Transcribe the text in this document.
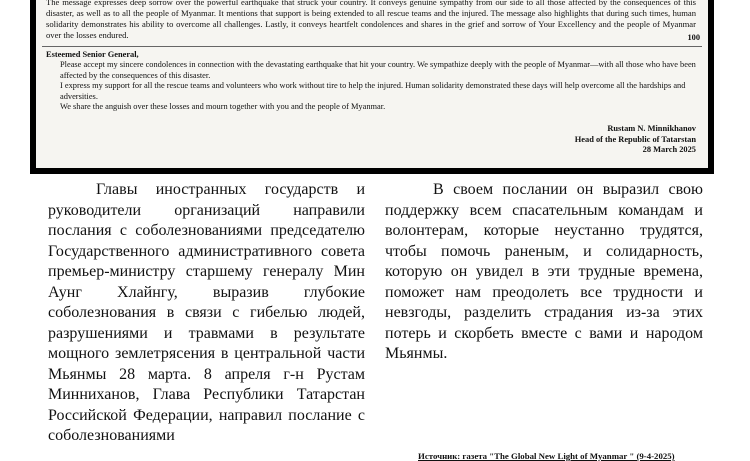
The message expresses deep sorrow over the powerful earthquake that struck your country. It conveys genuine sympathy from our side to all those affected by the consequences of this disaster, as well as to all the people of Myanmar. It mentions that support is being extended to all rescue teams and the injured. The message also highlights that during such times, human solidarity demonstrates his ability to overcome all challenges. Lastly, it conveys heartfelt condolences and shares in the grief and sorrow of Your Excellency and the people of Myanmar over the losses endured.	100

Esteemed Senior General,

Please accept my sincere condolences in connection with the devastating earthquake that hit your country. We sympathize deeply with the people of Myanmar—with all those who have been affected by the consequences of this disaster.

I express my support for all the rescue teams and volunteers who work without tire to help the injured. Human solidarity demonstrated these days will help overcome all the hardships and adversities.

We share the anguish over these losses and mourn together with you and the people of Myanmar.

Rustam N. Minnikhanov
Head of the Republic of Tatarstan
28 March 2025

Главы иностранных государств и руководители организаций направили послания с соболезнованиями председателю Государственного административного совета премьер-министру старшему генералу Мин Аунг Хлайнгу, выразив глубокие соболезнования в связи с гибелью людей, разрушениями и травмами в результате мощного землетрясения в центральной части Мьянмы 28 марта. 8 апреля г-н Рустам Минниханов, Глава Республики Татарстан Российской Федерации, направил послание с соболезнованиями

В своем послании он выразил свою поддержку всем спасательным командам и волонтерам, которые неустанно трудятся, чтобы помочь раненым, и солидарность, которую он увидел в эти трудные времена, поможет нам преодолеть все трудности и невзгоды, разделить страдания из-за этих потерь и скорбеть вместе с вами и народом Мьянмы.

Источник: газета "The Global New Light of Myanmar " (9-4-2025)
